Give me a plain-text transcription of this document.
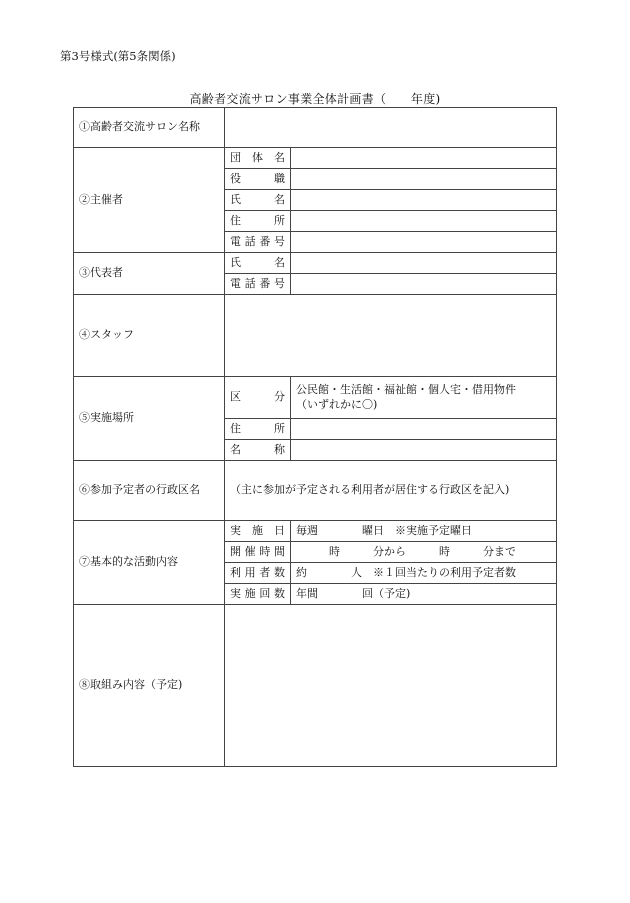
第3号様式(第5条関係)
高齢者交流サロン事業全体計画書（　　年度)
①高齢者交流サロン名称		
②主催者	団 体 名	
	役 職	
	氏 名	
	住 所	
	電話番号	
③代表者	氏 名	
	電話番号	
④スタッフ		
⑤実施場所	区 分	公民館・生活館・福祉館・個人宅・借用物件
（いずれかに〇)

	住 所	
	名 称	
⑥参加予定者の行政区名	（主に参加が予定される利用者が居住する行政区を記入)	
⑦基本的な活動内容	実 施 日	毎週　　　　曜日　※実施予定曜日
	開催時間	　　　時　　　分から　　　時　　　分まで
	利用者数	約　　　　人　※１回当たりの利用予定者数
	実施回数	年間　　　　回（予定)
⑧取組み内容（予定)		
